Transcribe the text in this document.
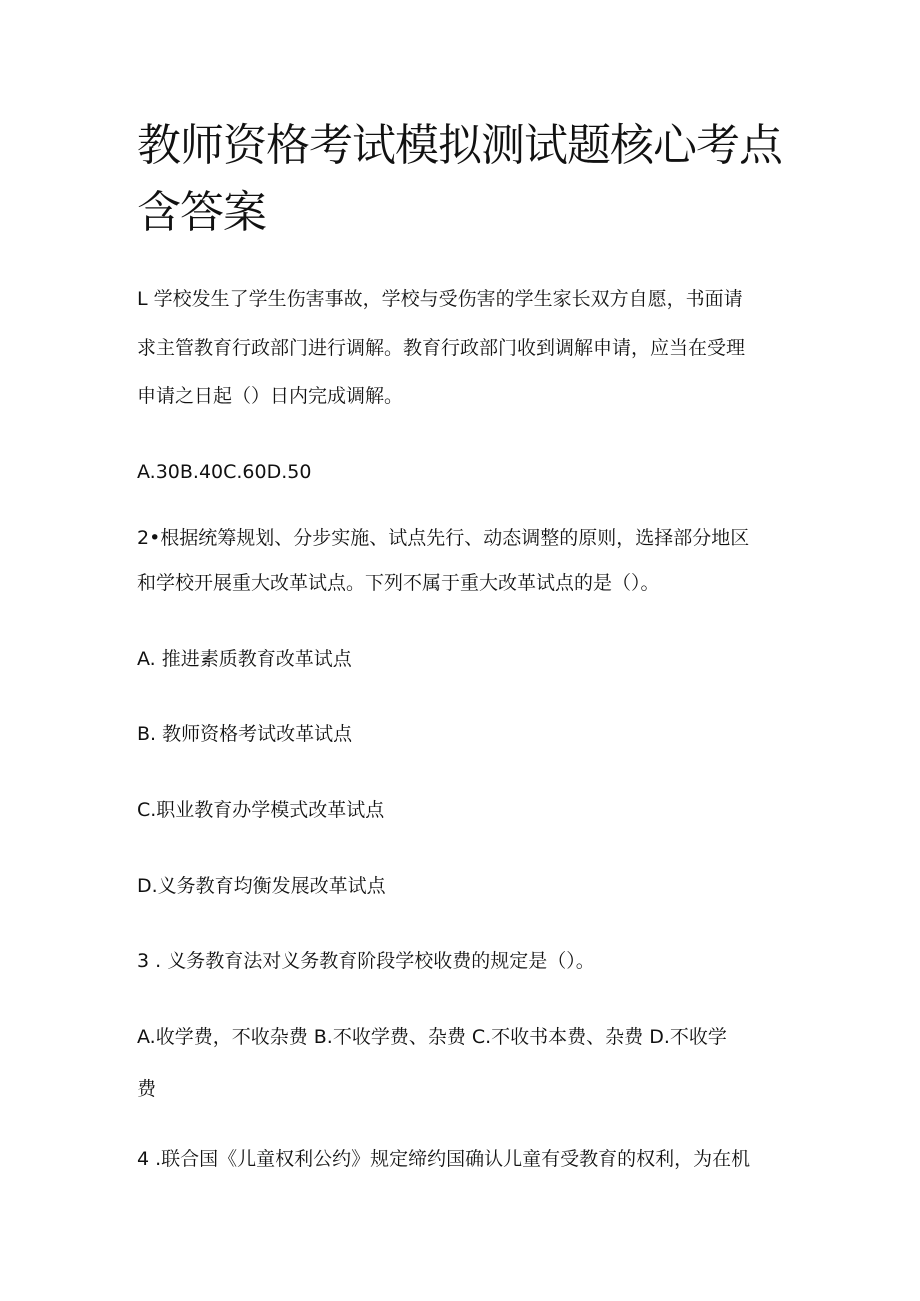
教师资格考试模拟测试题核心考点
含答案

L 学校发生了学生伤害事故，学校与受伤害的学生家长双方自愿，书面请

求主管教育行政部门进行调解。教育行政部门收到调解申请，应当在受理

申请之日起（）日内完成调解。

A.30B.40C.60D.50

2•根据统筹规划、分步实施、试点先行、动态调整的原则，选择部分地区

和学校开展重大改革试点。下列不属于重大改革试点的是（）。

A. 推进素质教育改革试点

B. 教师资格考试改革试点

C.职业教育办学模式改革试点

D.义务教育均衡发展改革试点

3 . 义务教育法对义务教育阶段学校收费的规定是（）。

A.收学费，不收杂费 B.不收学费、杂费 C.不收书本费、杂费 D.不收学

费

4 .联合国《儿童权利公约》规定缔约国确认儿童有受教育的权利，为在机
